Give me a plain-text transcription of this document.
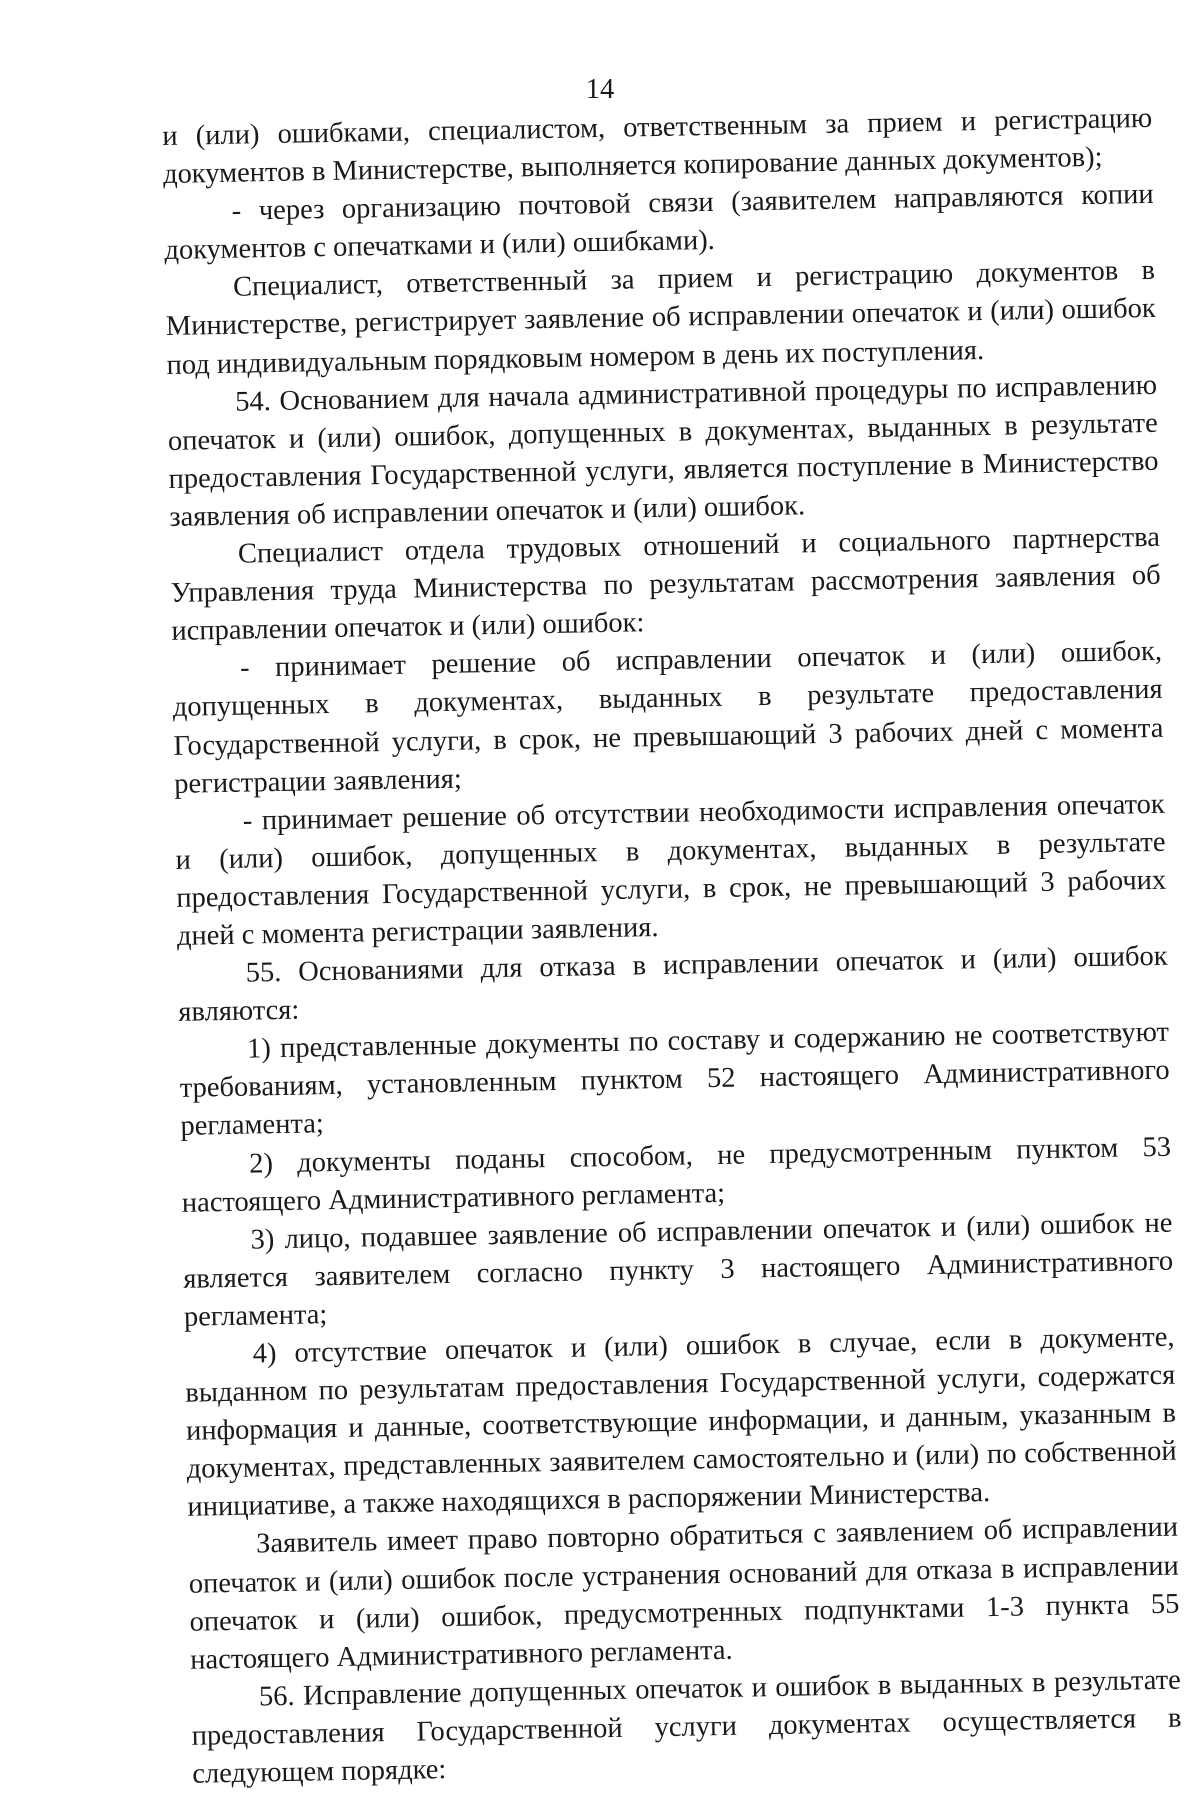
14

и (или) ошибками, специалистом, ответственным за прием и регистрацию документов в Министерстве, выполняется копирование данных документов);

- через организацию почтовой связи (заявителем направляются копии документов с опечатками и (или) ошибками).

Специалист, ответственный за прием и регистрацию документов в Министерстве, регистрирует заявление об исправлении опечаток и (или) ошибок под индивидуальным порядковым номером в день их поступления.

54. Основанием для начала административной процедуры по исправлению опечаток и (или) ошибок, допущенных в документах, выданных в результате предоставления Государственной услуги, является поступление в Министерство заявления об исправлении опечаток и (или) ошибок.

Специалист отдела трудовых отношений и социального партнерства Управления труда Министерства по результатам рассмотрения заявления об исправлении опечаток и (или) ошибок:

- принимает решение об исправлении опечаток и (или) ошибок, допущенных в документах, выданных в результате предоставления Государственной услуги, в срок, не превышающий 3 рабочих дней с момента регистрации заявления;

- принимает решение об отсутствии необходимости исправления опечаток и (или) ошибок, допущенных в документах, выданных в результате предоставления Государственной услуги, в срок, не превышающий 3 рабочих дней с момента регистрации заявления.

55. Основаниями для отказа в исправлении опечаток и (или) ошибок являются:

1) представленные документы по составу и содержанию не соответствуют требованиям, установленным пунктом 52 настоящего Административного регламента;

2) документы поданы способом, не предусмотренным пунктом 53 настоящего Административного регламента;

3) лицо, подавшее заявление об исправлении опечаток и (или) ошибок не является заявителем согласно пункту 3 настоящего Административного регламента;

4) отсутствие опечаток и (или) ошибок в случае, если в документе, выданном по результатам предоставления Государственной услуги, содержатся информация и данные, соответствующие информации, и данным, указанным в документах, представленных заявителем самостоятельно и (или) по собственной инициативе, а также находящихся в распоряжении Министерства.

Заявитель имеет право повторно обратиться с заявлением об исправлении опечаток и (или) ошибок после устранения оснований для отказа в исправлении опечаток и (или) ошибок, предусмотренных подпунктами 1-3 пункта 55 настоящего Административного регламента.

56. Исправление допущенных опечаток и ошибок в выданных в результате предоставления Государственной услуги документах осуществляется в следующем порядке:
